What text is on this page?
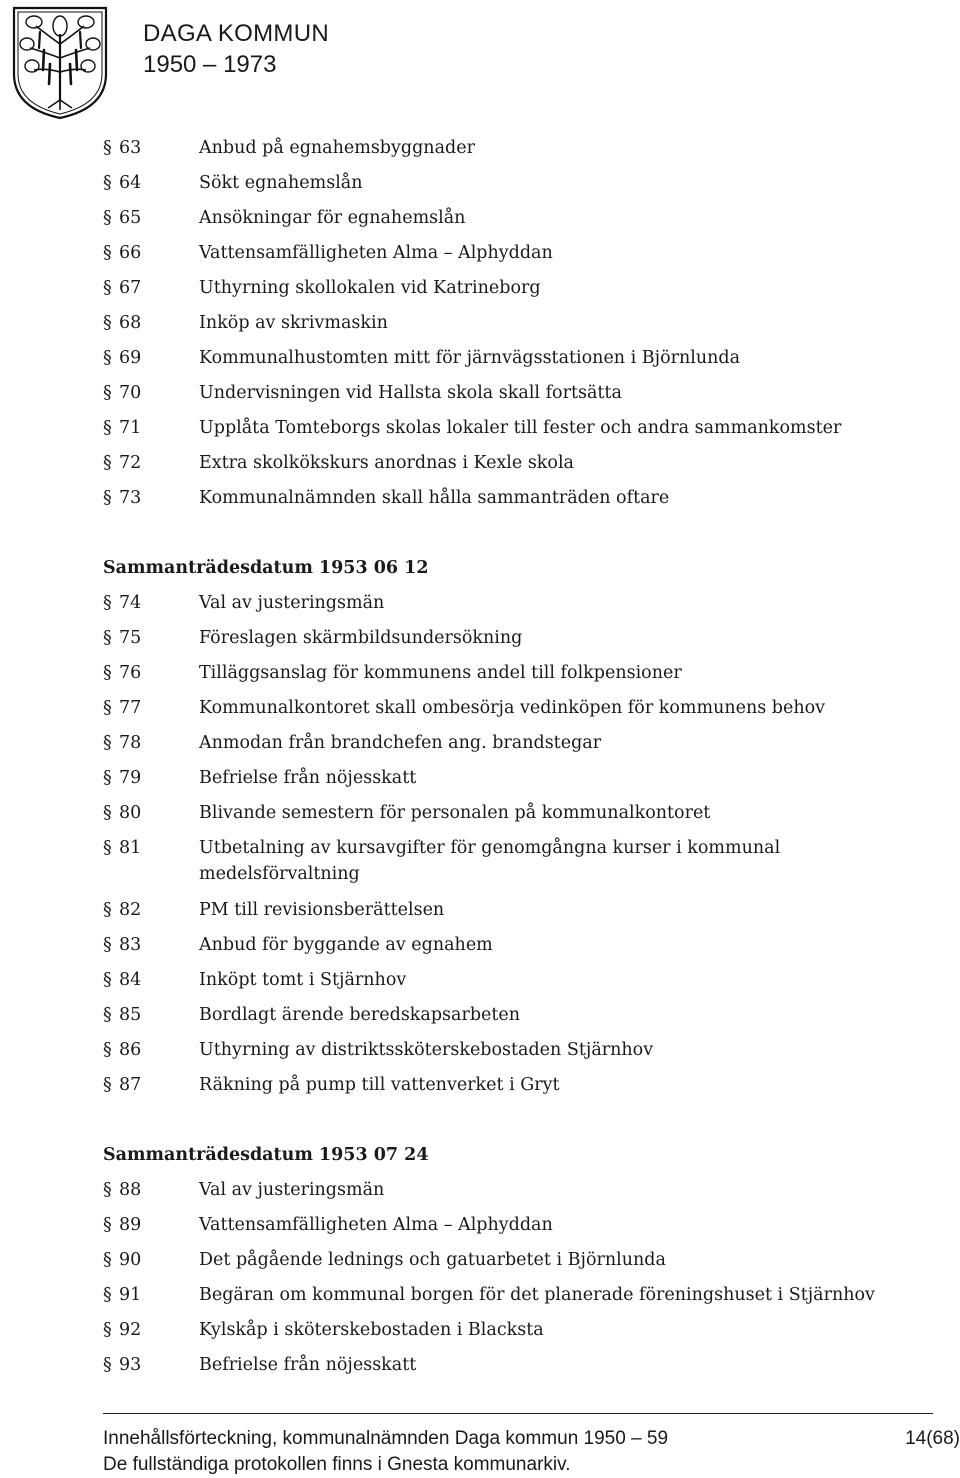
DAGA KOMMUN
1950 – 1973
§ 63	Anbud på egnahemsbyggnader
§ 64	Sökt egnahemslån
§ 65	Ansökningar för egnahemslån
§ 66	Vattensamfälligheten Alma – Alphyddan
§ 67	Uthyrning skollokalen vid Katrineborg
§ 68	Inköp av skrivmaskin
§ 69	Kommunalhustomten mitt för järnvägsstationen i Björnlunda
§ 70	Undervisningen vid Hallsta skola skall fortsätta
§ 71	Upplåta Tomteborgs skolas lokaler till fester och andra sammankomster
§ 72	Extra skolkökskurs anordnas i Kexle skola
§ 73	Kommunalnämnden skall hålla sammanträden oftare
Sammanträdesdatum 1953 06 12
§ 74	Val av justeringsmän
§ 75	Föreslagen skärmbildsundersökning
§ 76	Tilläggsanslag för kommunens andel till folkpensioner
§ 77	Kommunalkontoret skall ombesörja vedinköpen för kommunens behov
§ 78	Anmodan från brandchefen ang. brandstegar
§ 79	Befrielse från nöjesskatt
§ 80	Blivande semestern för personalen på kommunalkontoret
§ 81	Utbetalning av kursavgifter för genomgångna kurser i kommunal medelsförvaltning
§ 82	PM till revisionsberättelsen
§ 83	Anbud för byggande av egnahem
§ 84	Inköpt tomt i Stjärnhov
§ 85	Bordlagt ärende beredskapsarbeten
§ 86	Uthyrning av distriktssköterskebostaden Stjärnhov
§ 87	Räkning på pump till vattenverket i Gryt
Sammanträdesdatum 1953 07 24
§ 88	Val av justeringsmän
§ 89	Vattensamfälligheten Alma – Alphyddan
§ 90	Det pågående lednings och gatuarbetet i Björnlunda
§ 91	Begäran om kommunal borgen för det planerade föreningshuset i Stjärnhov
§ 92	Kylskåp i sköterskebostaden i Blacksta
§ 93	Befrielse från nöjesskatt
Innehållsförteckning, kommunalnämnden Daga kommun 1950 – 59	14(68)
De fullständiga protokollen finns i Gnesta kommunarkiv.
